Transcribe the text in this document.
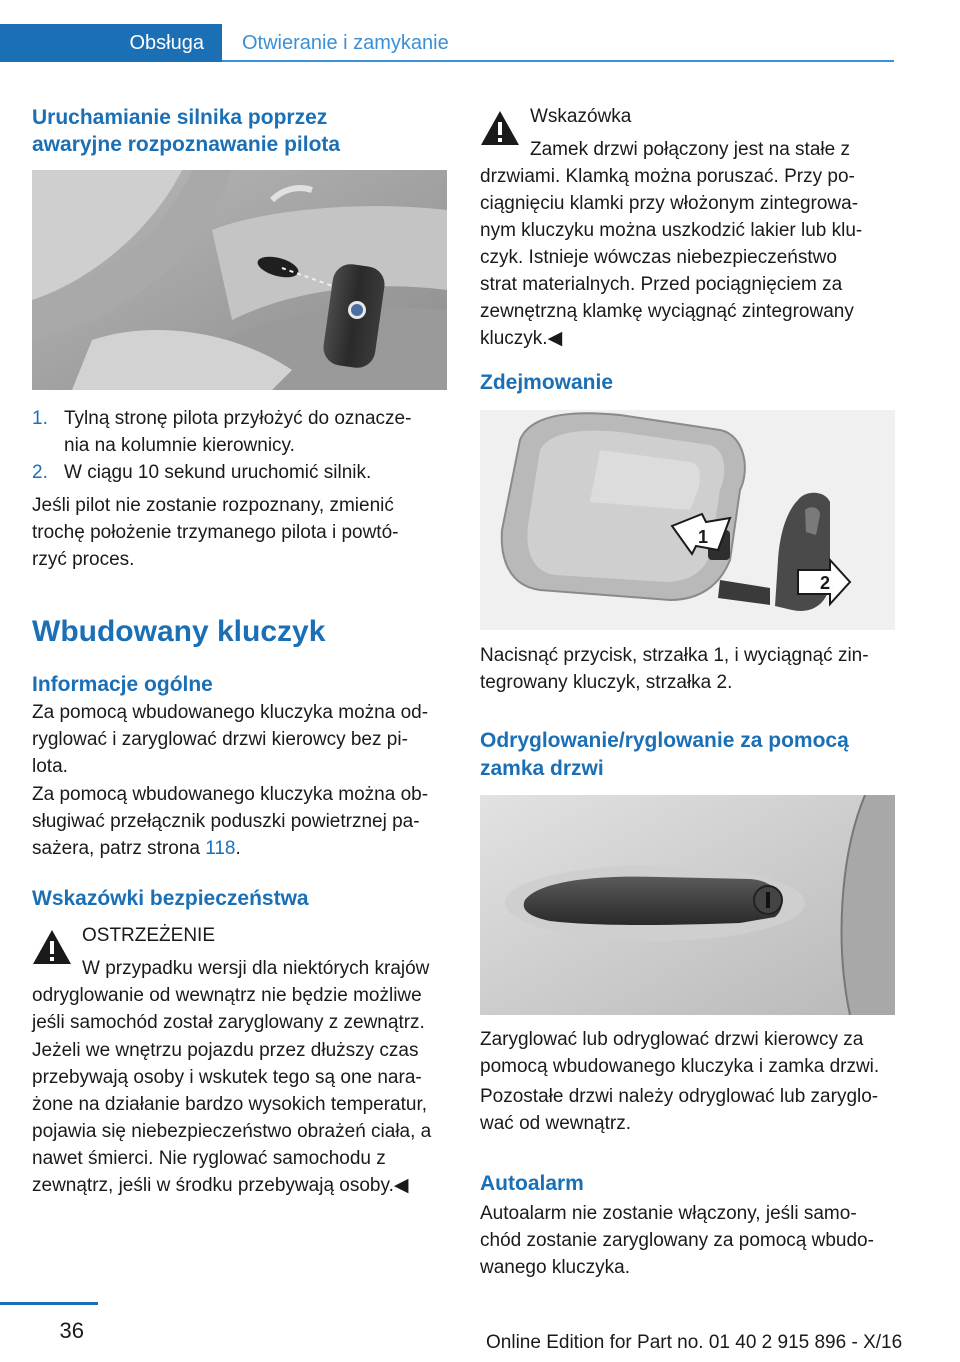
Obsługa	Otwieranie i zamykanie
Uruchamianie silnika poprzez awaryjne rozpoznawanie pilota
1. Tylną stronę pilota przyłożyć do oznacze‐
nia na kolumnie kierownicy.
2. W ciągu 10 sekund uruchomić silnik.
Jeśli pilot nie zostanie rozpoznany, zmienić
trochę położenie trzymanego pilota i powtó‐
rzyć proces.
Wbudowany kluczyk
Informacje ogólne
Za pomocą wbudowanego kluczyka można od‐
ryglować i zaryglować drzwi kierowcy bez pi‐
lota.
Za pomocą wbudowanego kluczyka można ob‐
sługiwać przełącznik poduszki powietrznej pa‐
sażera, patrz strona 118.
Wskazówki bezpieczeństwa
OSTRZEŻENIE
W przypadku wersji dla niektórych krajów
odryglowanie od wewnątrz nie będzie możliwe
jeśli samochód został zaryglowany z zewnątrz.
Jeżeli we wnętrzu pojazdu przez dłuższy czas
przebywają osoby i wskutek tego są one nara‐
żone na działanie bardzo wysokich temperatur,
pojawia się niebezpieczeństwo obrażeń ciała, a
nawet śmierci. Nie ryglować samochodu z
zewnątrz, jeśli w środku przebywają osoby.◀
Wskazówka
Zamek drzwi połączony jest na stałe z
drzwiami. Klamką można poruszać. Przy po‐
ciągnięciu klamki przy włożonym zintegrowa‐
nym kluczyku można uszkodzić lakier lub klu‐
czyk. Istnieje wówczas niebezpieczeństwo
strat materialnych. Przed pociągnięciem za
zewnętrzną klamkę wyciągnąć zintegrowany
kluczyk.◀
Zdejmowanie
1
2
Nacisnąć przycisk, strzałka 1, i wyciągnąć zin‐
tegrowany kluczyk, strzałka 2.
Odryglowanie/ryglowanie za pomocą zamka drzwi
Zaryglować lub odryglować drzwi kierowcy za
pomocą wbudowanego kluczyka i zamka drzwi.
Pozostałe drzwi należy odryglować lub zaryglo‐
wać od wewnątrz.
Autoalarm
Autoalarm nie zostanie włączony, jeśli samo‐
chód zostanie zaryglowany za pomocą wbudo‐
wanego kluczyka.
36	Online Edition for Part no. 01 40 2 915 896 - X/16
